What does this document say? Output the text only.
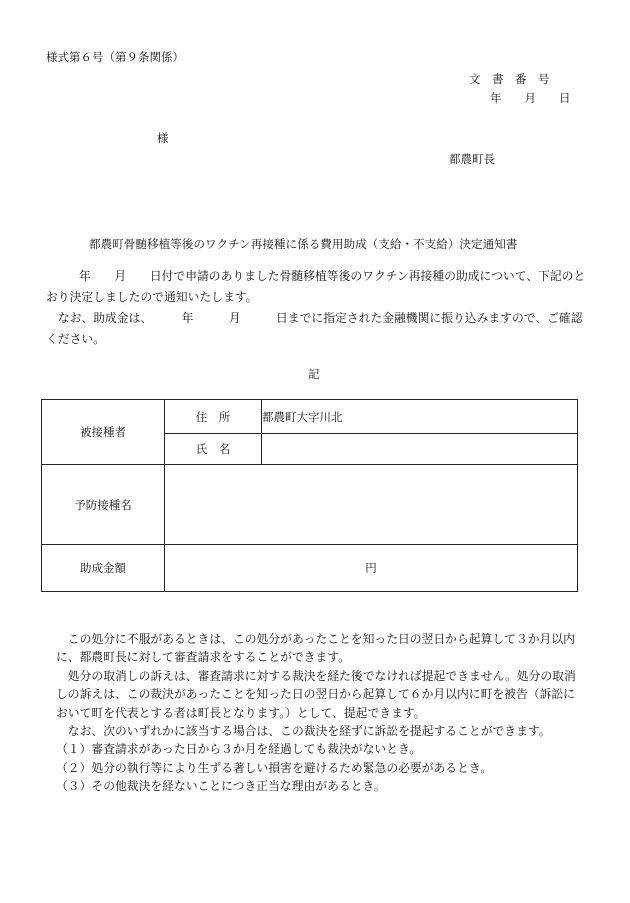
様式第６号（第９条関係）
文　書　番　号
年　　月　　日
様
都農町長
都農町骨髄移植等後のワクチン再接種に係る費用助成（支給・不支給）決定通知書

年　　月　　日付で申請のありました骨髄移植等後のワクチン再接種の助成について、下記のとおり決定しましたので通知いたします。

なお、助成金は、　　　年　　　月　　　日までに指定された金融機関に振り込みますので、ご確認ください。

記
被接種者	住　所	都農町大字川北
	氏　名	
予防接種名		
助成金額	円	

この処分に不服があるときは、この処分があったことを知った日の翌日から起算して３か月以内に、都農町長に対して審査請求をすることができます。

処分の取消しの訴えは、審査請求に対する裁決を経た後でなければ提起できません。処分の取消しの訴えは、この裁決があったことを知った日の翌日から起算して６か月以内に町を被告（訴訟において町を代表とする者は町長となります。）として、提起できます。

なお、次のいずれかに該当する場合は、この裁決を経ずに訴訟を提起することができます。

（１）審査請求があった日から３か月を経過しても裁決がないとき。

（２）処分の執行等により生ずる著しい損害を避けるため緊急の必要があるとき。

（３）その他裁決を経ないことにつき正当な理由があるとき。
